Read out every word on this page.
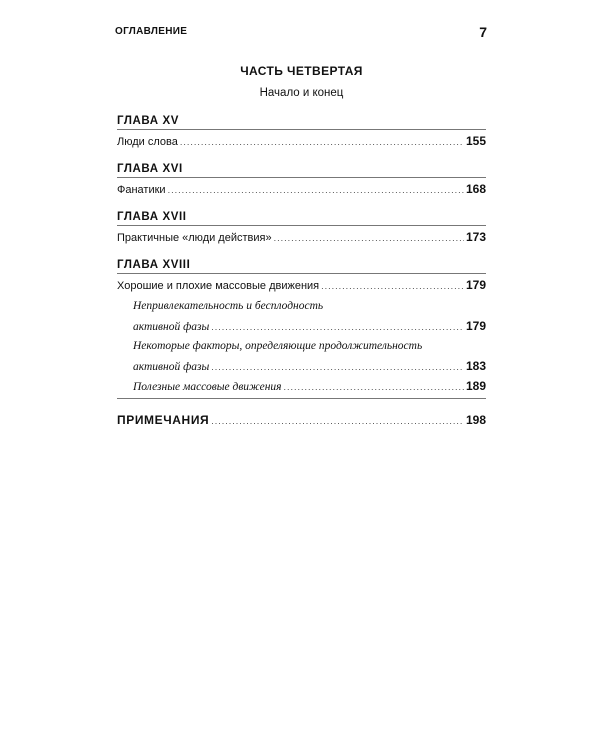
ОГЛАВЛЕНИЕ	7
ЧАСТЬ ЧЕТВЕРТАЯ
Начало и конец
ГЛАВА XV
Люди слова .....	155
ГЛАВА XVI
Фанатики .....	168
ГЛАВА XVII
Практичные «люди действия» .....	173
ГЛАВА XVIII
Хорошие и плохие массовые движения .....	179
Непривлекательность и бесплодность
активной фазы .....	179
Некоторые факторы, определяющие продолжительность
активной фазы .....	183
Полезные массовые движения .....	189
ПРИМЕЧАНИЯ .....	198
